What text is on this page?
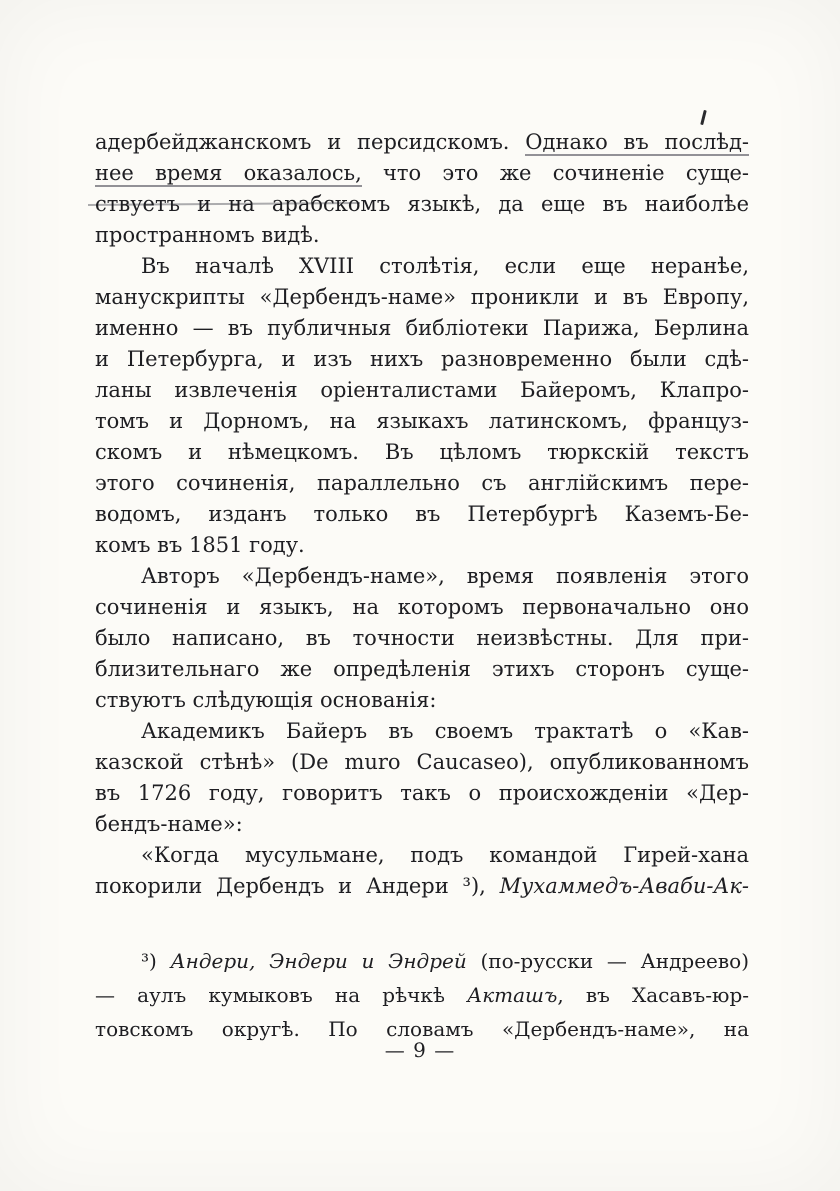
адербейджанскомъ и персидскомъ. Однако въ послѣд-
нее время оказалось, что это же сочиненіе суще-
ствуетъ и на арабскомъ языкѣ, да еще въ наиболѣе
пространномъ видѣ.
Въ началѣ XVIII столѣтія, если еще неранѣе,
манускрипты «Дербендъ-наме» проникли и въ Европу,
именно — въ публичныя библіотеки Парижа, Берлина
и Петербурга, и изъ нихъ разновременно были сдѣ-
ланы извлеченія оріенталистами Байеромъ, Клапро-
томъ и Дорномъ, на языкахъ латинскомъ, француз-
скомъ и нѣмецкомъ. Въ цѣломъ тюркскій текстъ
этого сочиненія, параллельно съ англійскимъ пере-
водомъ, изданъ только въ Петербургѣ Каземъ-Бе-
комъ въ 1851 году.
Авторъ «Дербендъ-наме», время появленія этого
сочиненія и языкъ, на которомъ первоначально оно
было написано, въ точности неизвѣстны. Для при-
близительнаго же опредѣленія этихъ сторонъ суще-
ствуютъ слѣдующія основанія:
Академикъ Байеръ въ своемъ трактатѣ о «Кав-
казской стѣнѣ» (De muro Caucaseo), опубликованномъ
въ 1726 году, говоритъ такъ о происхожденіи «Дер-
бендъ-наме»:
«Когда мусульмане, подъ командой Гирей-хана
покорили Дербендъ и Андери ³), Мухаммедъ-Аваби-Ак-
³) Андери, Эндери и Эндрей (по-русски — Андреево)
— аулъ кумыковъ на рѣчкѣ Акташъ, въ Хасавъ-юр-
товскомъ округѣ. По словамъ «Дербендъ-наме», на
— 9 —
